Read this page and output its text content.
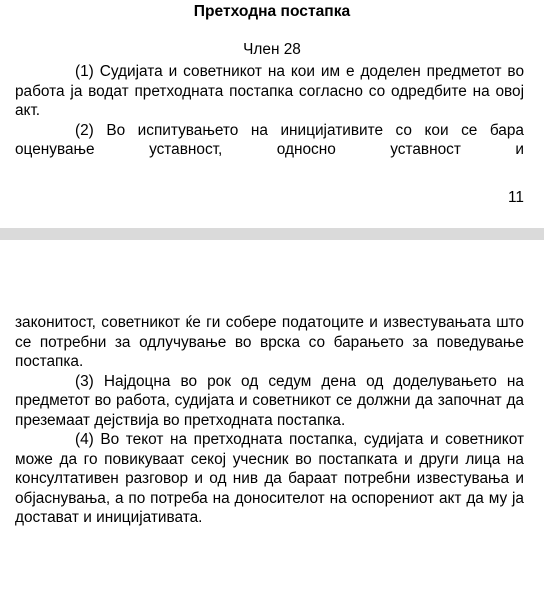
Претходна постапка
Член 28

(1) Судијата и советникот на кои им е доделен предметот во работа ја водат претходната постапка согласно со одредбите на овој акт.

(2) Во испитувањето на иницијативите со кои се бара оценување уставност, односно уставност и

11

законитост, советникот ќе ги собере податоците и известувањата што се потребни за одлучување во врска со барањето за поведување постапка.

(3) Најдоцна во рок од седум дена од доделувањето на предметот во работа, судијата и советникот се должни да започнат да преземаат дејствија во претходната постапка.

(4) Во текот на претходната постапка, судијата и советникот може да го повикуваат секој учесник во постапката и други лица на консултативен разговор и од нив да бараат потребни известувања и објаснувања, а по потреба на доносителот на оспорениот акт да му ја достават и иницијативата.
